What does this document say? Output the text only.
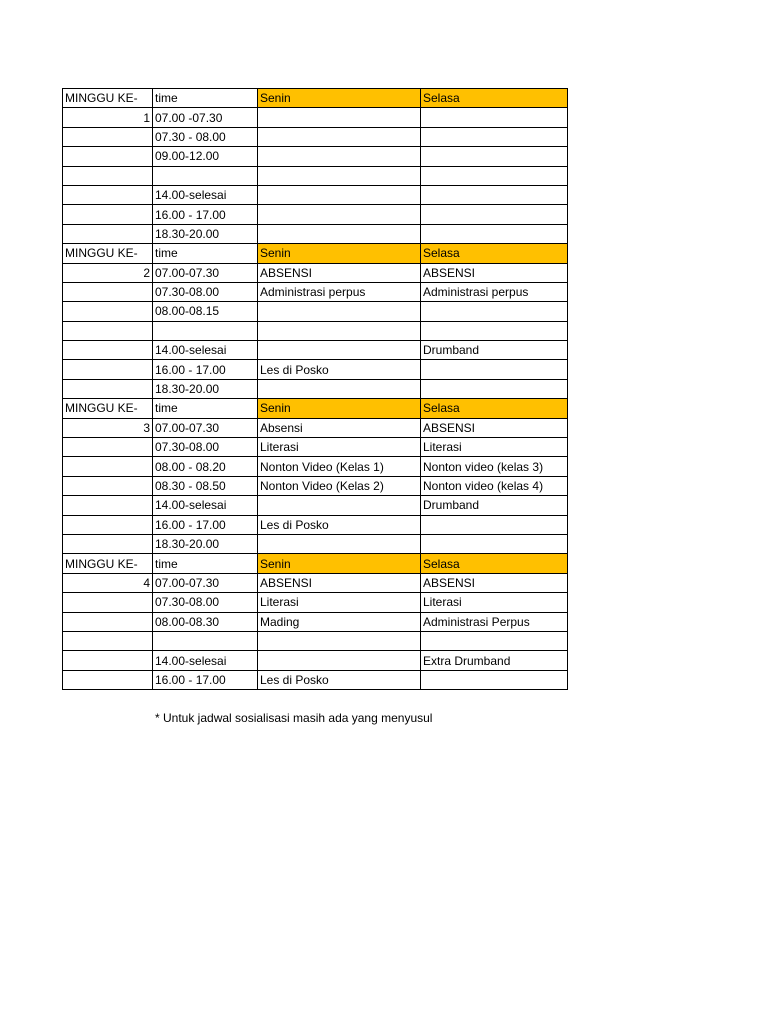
MINGGU KE-	time	Senin	Selasa
1	07.00 -07.30		
	07.30 - 08.00		
	09.00-12.00		

	14.00-selesai		
	16.00 - 17.00		
	18.30-20.00		
MINGGU KE-	time	Senin	Selasa
2	07.00-07.30	ABSENSI	ABSENSI
	07.30-08.00	Administrasi perpus	Administrasi perpus
	08.00-08.15		

	14.00-selesai		Drumband
	16.00 - 17.00	Les di Posko	
	18.30-20.00		
MINGGU KE-	time	Senin	Selasa
3	07.00-07.30	Absensi	ABSENSI
	07.30-08.00	Literasi	Literasi
	08.00 - 08.20	Nonton Video (Kelas 1)	Nonton video (kelas 3)
	08.30 - 08.50	Nonton Video (Kelas 2)	Nonton video (kelas 4)
	14.00-selesai		Drumband
	16.00 - 17.00	Les di Posko	
	18.30-20.00		
MINGGU KE-	time	Senin	Selasa
4	07.00-07.30	ABSENSI	ABSENSI
	07.30-08.00	Literasi	Literasi
	08.00-08.30	Mading	Administrasi Perpus

	14.00-selesai		Extra Drumband
	16.00 - 17.00	Les di Posko	
* Untuk jadwal sosialisasi masih ada yang menyusul
